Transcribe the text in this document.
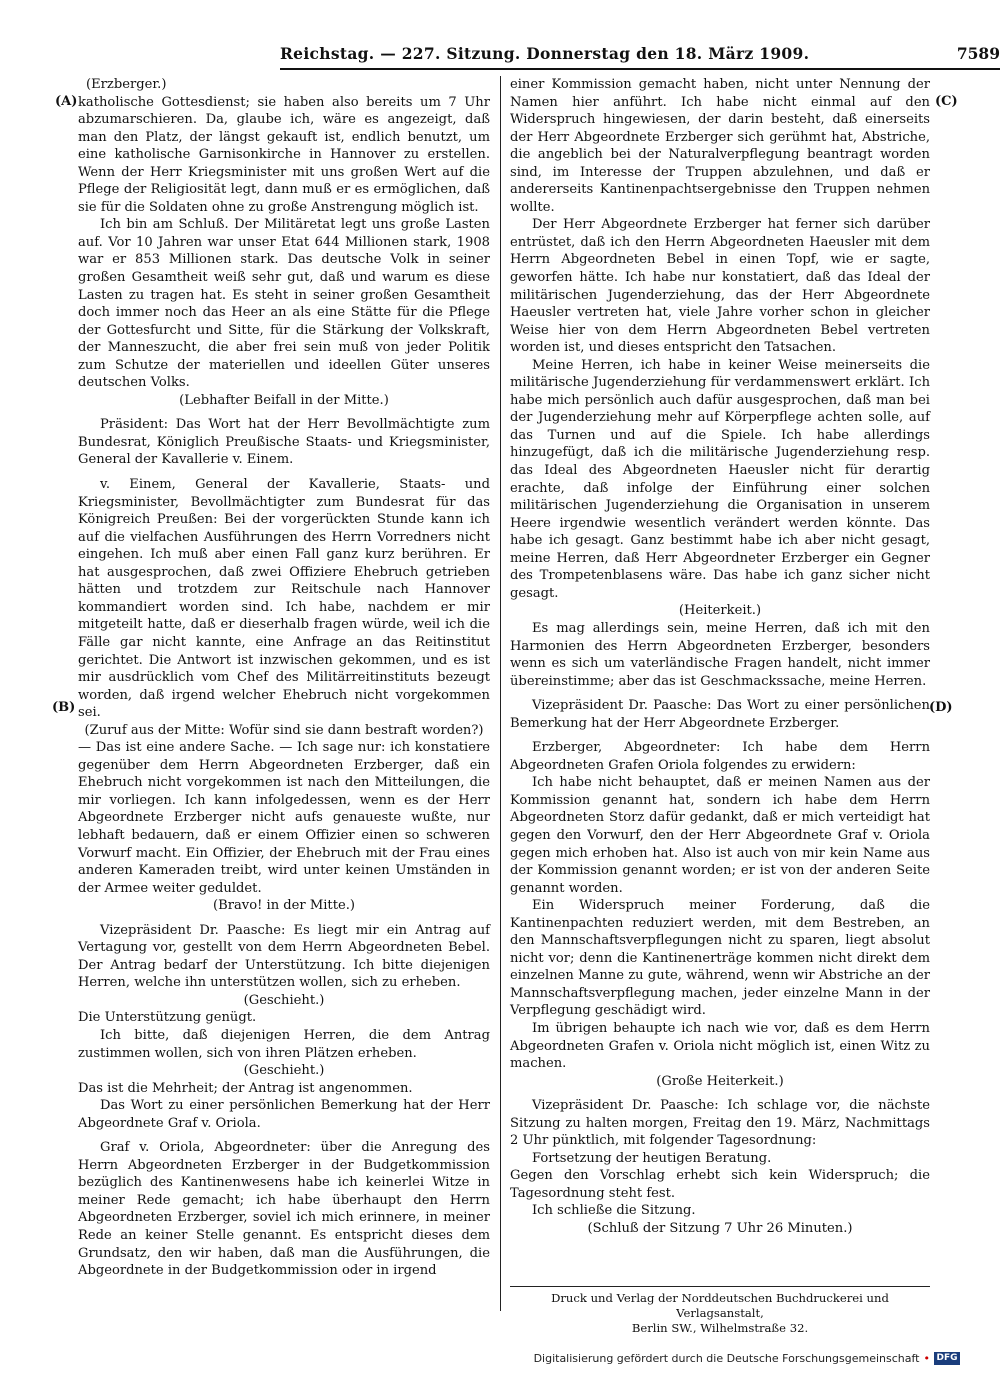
Reichstag. — 227. Sitzung. Donnerstag den 18. März 1909.	7589
(A)
(B)
(C)
(D)

(Erzberger.)

katholische Gottesdienst; sie haben also bereits um 7 Uhr abzumarschieren. Da, glaube ich, wäre es angezeigt, daß man den Platz, der längst gekauft ist, endlich benutzt, um eine katholische Garnisonkirche in Hannover zu erstellen. Wenn der Herr Kriegsminister mit uns großen Wert auf die Pflege der Religiosität legt, dann muß er es ermöglichen, daß sie für die Soldaten ohne zu große Anstrengung möglich ist.

Ich bin am Schluß. Der Militäretat legt uns große Lasten auf. Vor 10 Jahren war unser Etat 644 Millionen stark, 1908 war er 853 Millionen stark. Das deutsche Volk in seiner großen Gesamtheit weiß sehr gut, daß und warum es diese Lasten zu tragen hat. Es steht in seiner großen Gesamtheit doch immer noch das Heer an als eine Stätte für die Pflege der Gottesfurcht und Sitte, für die Stärkung der Volkskraft, der Manneszucht, die aber frei sein muß von jeder Politik zum Schutze der materiellen und ideellen Güter unseres deutschen Volks.

(Lebhafter Beifall in der Mitte.)

Präsident: Das Wort hat der Herr Bevollmächtigte zum Bundesrat, Königlich Preußische Staats- und Kriegsminister, General der Kavallerie v. Einem.

v. Einem, General der Kavallerie, Staats- und Kriegsminister, Bevollmächtigter zum Bundesrat für das Königreich Preußen: Bei der vorgerückten Stunde kann ich auf die vielfachen Ausführungen des Herrn Vorredners nicht eingehen. Ich muß aber einen Fall ganz kurz berühren. Er hat ausgesprochen, daß zwei Offiziere Ehebruch getrieben hätten und trotzdem zur Reitschule nach Hannover kommandiert worden sind. Ich habe, nachdem er mir mitgeteilt hatte, daß er dieserhalb fragen würde, weil ich die Fälle gar nicht kannte, eine Anfrage an das Reitinstitut gerichtet. Die Antwort ist inzwischen gekommen, und es ist mir ausdrücklich vom Chef des Militärreitinstituts bezeugt worden, daß irgend welcher Ehebruch nicht vorgekommen sei.

(Zuruf aus der Mitte: Wofür sind sie dann bestraft worden?)

— Das ist eine andere Sache. — Ich sage nur: ich konstatiere gegenüber dem Herrn Abgeordneten Erzberger, daß ein Ehebruch nicht vorgekommen ist nach den Mitteilungen, die mir vorliegen. Ich kann infolgedessen, wenn es der Herr Abgeordnete Erzberger nicht aufs genaueste wußte, nur lebhaft bedauern, daß er einem Offizier einen so schweren Vorwurf macht. Ein Offizier, der Ehebruch mit der Frau eines anderen Kameraden treibt, wird unter keinen Umständen in der Armee weiter geduldet.

(Bravo! in der Mitte.)

Vizepräsident Dr. Paasche: Es liegt mir ein Antrag auf Vertagung vor, gestellt von dem Herrn Abgeordneten Bebel. Der Antrag bedarf der Unterstützung. Ich bitte diejenigen Herren, welche ihn unterstützen wollen, sich zu erheben.

(Geschieht.)

Die Unterstützung genügt.

Ich bitte, daß diejenigen Herren, die dem Antrag zustimmen wollen, sich von ihren Plätzen erheben.

(Geschieht.)

Das ist die Mehrheit; der Antrag ist angenommen.

Das Wort zu einer persönlichen Bemerkung hat der Herr Abgeordnete Graf v. Oriola.

Graf v. Oriola, Abgeordneter: über die Anregung des Herrn Abgeordneten Erzberger in der Budgetkommission bezüglich des Kantinenwesens habe ich keinerlei Witze in meiner Rede gemacht; ich habe überhaupt den Herrn Abgeordneten Erzberger, soviel ich mich erinnere, in meiner Rede an keiner Stelle genannt. Es entspricht dieses dem Grundsatz, den wir haben, daß man die Ausführungen, die Abgeordnete in der Budgetkommission oder in irgend

einer Kommission gemacht haben, nicht unter Nennung der Namen hier anführt. Ich habe nicht einmal auf den Widerspruch hingewiesen, der darin besteht, daß einerseits der Herr Abgeordnete Erzberger sich gerühmt hat, Abstriche, die angeblich bei der Naturalverpflegung beantragt worden sind, im Interesse der Truppen abzulehnen, und daß er andererseits Kantinenpachtsergebnisse den Truppen nehmen wollte.

Der Herr Abgeordnete Erzberger hat ferner sich darüber entrüstet, daß ich den Herrn Abgeordneten Haeusler mit dem Herrn Abgeordneten Bebel in einen Topf, wie er sagte, geworfen hätte. Ich habe nur konstatiert, daß das Ideal der militärischen Jugenderziehung, das der Herr Abgeordnete Haeusler vertreten hat, viele Jahre vorher schon in gleicher Weise hier von dem Herrn Abgeordneten Bebel vertreten worden ist, und dieses entspricht den Tatsachen.

Meine Herren, ich habe in keiner Weise meinerseits die militärische Jugenderziehung für verdammenswert erklärt. Ich habe mich persönlich auch dafür ausgesprochen, daß man bei der Jugenderziehung mehr auf Körperpflege achten solle, auf das Turnen und auf die Spiele. Ich habe allerdings hinzugefügt, daß ich die militärische Jugenderziehung resp. das Ideal des Abgeordneten Haeusler nicht für derartig erachte, daß infolge der Einführung einer solchen militärischen Jugenderziehung die Organisation in unserem Heere irgendwie wesentlich verändert werden könnte. Das habe ich gesagt. Ganz bestimmt habe ich aber nicht gesagt, meine Herren, daß Herr Abgeordneter Erzberger ein Gegner des Trompetenblasens wäre. Das habe ich ganz sicher nicht gesagt.

(Heiterkeit.)

Es mag allerdings sein, meine Herren, daß ich mit den Harmonien des Herrn Abgeordneten Erzberger, besonders wenn es sich um vaterländische Fragen handelt, nicht immer übereinstimme; aber das ist Geschmackssache, meine Herren.

Vizepräsident Dr. Paasche: Das Wort zu einer persönlichen Bemerkung hat der Herr Abgeordnete Erzberger.

Erzberger, Abgeordneter: Ich habe dem Herrn Abgeordneten Grafen Oriola folgendes zu erwidern:

Ich habe nicht behauptet, daß er meinen Namen aus der Kommission genannt hat, sondern ich habe dem Herrn Abgeordneten Storz dafür gedankt, daß er mich verteidigt hat gegen den Vorwurf, den der Herr Abgeordnete Graf v. Oriola gegen mich erhoben hat. Also ist auch von mir kein Name aus der Kommission genannt worden; er ist von der anderen Seite genannt worden.

Ein Widerspruch meiner Forderung, daß die Kantinenpachten reduziert werden, mit dem Bestreben, an den Mannschaftsverpflegungen nicht zu sparen, liegt absolut nicht vor; denn die Kantinenerträge kommen nicht direkt dem einzelnen Manne zu gute, während, wenn wir Abstriche an der Mannschaftsverpflegung machen, jeder einzelne Mann in der Verpflegung geschädigt wird.

Im übrigen behaupte ich nach wie vor, daß es dem Herrn Abgeordneten Grafen v. Oriola nicht möglich ist, einen Witz zu machen.

(Große Heiterkeit.)

Vizepräsident Dr. Paasche: Ich schlage vor, die nächste Sitzung zu halten morgen, Freitag den 19. März, Nachmittags 2 Uhr pünktlich, mit folgender Tagesordnung:

Fortsetzung der heutigen Beratung.

Gegen den Vorschlag erhebt sich kein Widerspruch; die Tagesordnung steht fest.

Ich schließe die Sitzung.

(Schluß der Sitzung 7 Uhr 26 Minuten.)

Druck und Verlag der Norddeutschen Buchdruckerei und Verlagsanstalt,
Berlin SW., Wilhelmstraße 32.
Digitalisierung gefördert durch die Deutsche Forschungsgemeinschaft • DFG
